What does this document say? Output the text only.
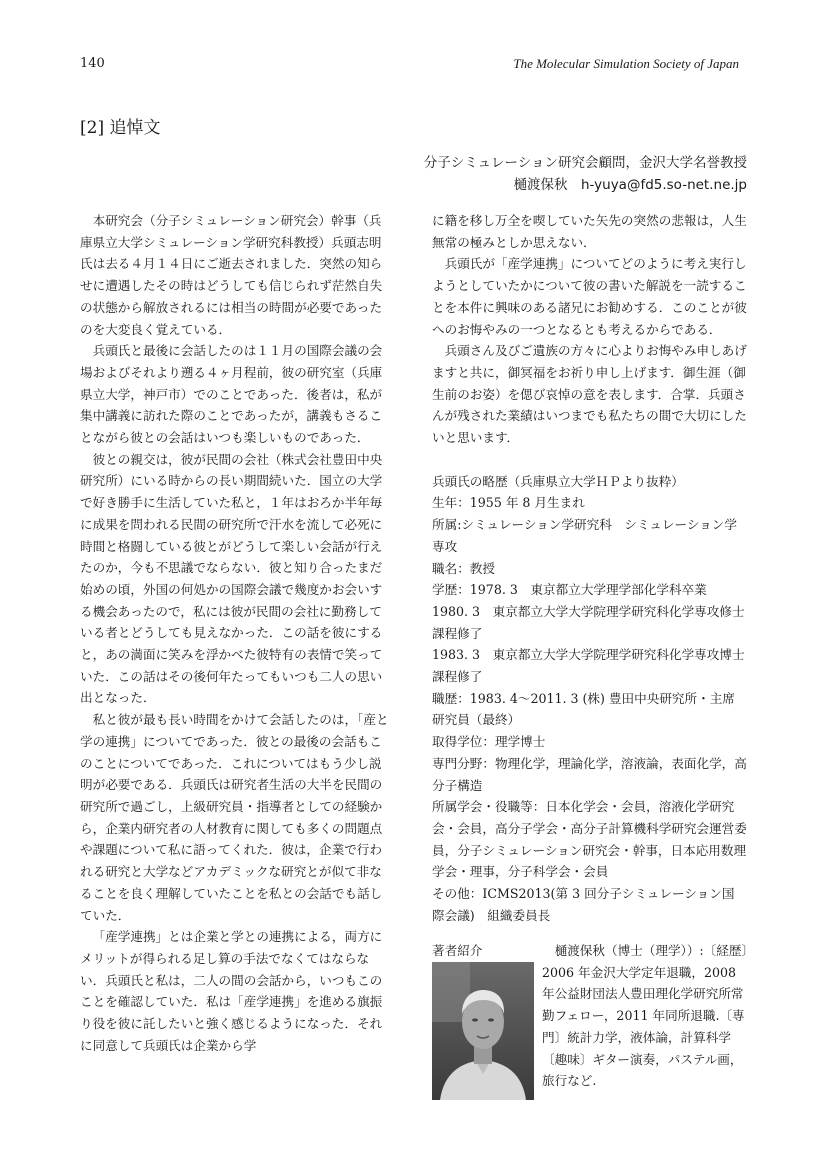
140	The Molecular Simulation Society of Japan
[2] 追悼文
分子シミュレーション研究会顧問，金沢大学名誉教授
樋渡保秋　h-yuya@fd5.so-net.ne.jp

本研究会（分子シミュレーション研究会）幹事（兵庫県立大学シミュレーション学研究科教授）兵頭志明氏は去る４月１４日にご逝去されました．突然の知らせに遭遇したその時はどうしても信じられず茫然自失の状態から解放されるには相当の時間が必要であったのを大変良く覚えている．

兵頭氏と最後に会話したのは１１月の国際会議の会場およびそれより遡る４ヶ月程前，彼の研究室（兵庫県立大学，神戸市）でのことであった．後者は，私が集中講義に訪れた際のことであったが，講義もさることながら彼との会話はいつも楽しいものであった．

彼との親交は，彼が民間の会社（株式会社豊田中央研究所）にいる時からの長い期間続いた．国立の大学で好き勝手に生活していた私と，１年はおろか半年毎に成果を問われる民間の研究所で汗水を流して必死に時間と格闘している彼とがどうして楽しい会話が行えたのか，今も不思議でならない．彼と知り合ったまだ始めの頃，外国の何処かの国際会議で幾度かお会いする機会あったので，私には彼が民間の会社に勤務している者とどうしても見えなかった．この話を彼にすると，あの満面に笑みを浮かべた彼特有の表情で笑っていた．この話はその後何年たってもいつも二人の思い出となった．

私と彼が最も長い時間をかけて会話したのは，「産と学の連携」についてであった．彼との最後の会話もこのことについてであった．これについてはもう少し説明が必要である．兵頭氏は研究者生活の大半を民間の研究所で過ごし，上級研究員・指導者としての経験から，企業内研究者の人材教育に関しても多くの問題点や課題について私に語ってくれた．彼は，企業で行われる研究と大学などアカデミックな研究とが似て非なることを良く理解していたことを私との会話でも話していた．

「産学連携」とは企業と学との連携による，両方にメリットが得られる足し算の手法でなくてはならない．兵頭氏と私は，二人の間の会話から，いつもこのことを確認していた．私は「産学連携」を進める旗振り役を彼に託したいと強く感じるようになった．それに同意して兵頭氏は企業から学

に籍を移し万全を喫していた矢先の突然の悲報は，人生無常の極みとしか思えない．

兵頭氏が「産学連携」についてどのように考え実行しようとしていたかについて彼の書いた解説を一読することを本件に興味のある諸兄にお勧めする．このことが彼へのお悔やみの一つとなるとも考えるからである．

兵頭さん及びご遺族の方々に心よりお悔やみ申しあげますと共に，御冥福をお祈り申し上げます．御生涯（御生前のお姿）を偲び哀悼の意を表します．合掌．兵頭さんが残された業績はいつまでも私たちの間で大切にしたいと思います．

兵頭氏の略歴（兵庫県立大学ＨＰより抜粋）

生年：1955 年 8 月生まれ

所属:シミュレーション学研究科　シミュレーション学専攻

職名：教授

学歴：1978. 3　東京都立大学理学部化学科卒業

1980. 3　東京都立大学大学院理学研究科化学専攻修士課程修了

1983. 3　東京都立大学大学院理学研究科化学専攻博士課程修了

職歴：1983. 4～2011. 3 (株) 豊田中央研究所・主席研究員（最終）

取得学位：理学博士

専門分野：物理化学，理論化学，溶液論，表面化学，高分子構造

所属学会・役職等：日本化学会・会員，溶液化学研究会・会員，高分子学会・高分子計算機科学研究会運営委員，分子シミュレーション研究会・幹事，日本応用数理学会・理事，分子科学会・会員

その他：ICMS2013(第 3 回分子シミュレーション国際会議)　組織委員長

著者紹介	樋渡保秋（博士（理学））:〔経歴〕2006 年金沢大学定年退職，2008 年公益財団法人豊田理化学研究所常勤フェロー，2011 年同所退職.〔専門〕統計力学，液体論，計算科学〔趣味〕ギター演奏，パステル画，旅行など.
